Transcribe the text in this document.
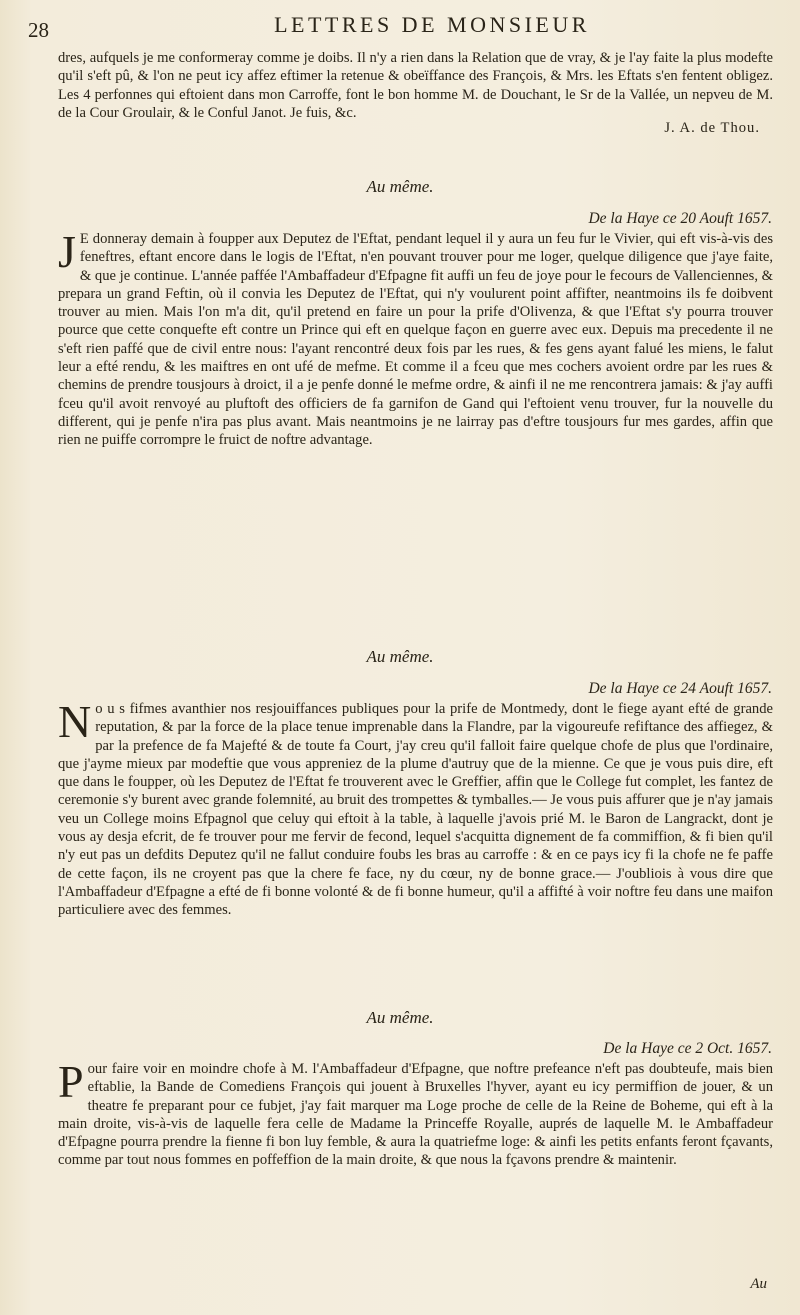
28	LETTRES DE MONSIEUR
dres, aufquels je me conformeray comme je doibs. Il n'y a rien dans la Relation que de vray, & je l'ay faite la plus modefte qu'il s'eft pû, & l'on ne peut icy affez eftimer la retenue & obeïffance des François, & Mrs. les Eftats s'en fentent obligez. Les 4 perfonnes qui eftoient dans mon Carroffe, font le bon homme M. de Douchant, le Sr de la Vallée, un nepveu de M. de la Cour Groulair, & le Conful Janot. Je fuis, &c.
J. A. de Thou.
Au même.
De la Haye ce 20 Aouft 1657.
J E donneray demain à foupper aux Deputez de l'Eftat, pendant lequel il y aura un feu fur le Vivier, qui eft vis-à-vis des feneftres, eftant encore dans le logis de l'Eftat, n'en pouvant trouver pour me loger, quelque diligence que j'aye faite, & que je continue. L'année paffée l'Ambaffadeur d'Efpagne fit auffi un feu de joye pour le fecours de Vallenciennes, & prepara un grand Feftin, où il convia les Deputez de l'Eftat, qui n'y voulurent point affifter, neantmoins ils fe doibvent trouver au mien. Mais l'on m'a dit, qu'il pretend en faire un pour la prife d'Olivenza, & que l'Eftat s'y pourra trouver pource que cette conquefte eft contre un Prince qui eft en quelque façon en guerre avec eux. Depuis ma precedente il ne s'eft rien paffé que de civil entre nous: l'ayant rencontré deux fois par les rues, & fes gens ayant falué les miens, le falut leur a efté rendu, & les maiftres en ont ufé de mefme. Et comme il a fceu que mes cochers avoient ordre par les rues & chemins de prendre tousjours à droict, il a je penfe donné le mefme ordre, & ainfi il ne me rencontrera jamais: & j'ay auffi fceu qu'il avoit renvoyé au pluftoft des officiers de fa garnifon de Gand qui l'eftoient venu trouver, fur la nouvelle du different, qui je penfe n'ira pas plus avant. Mais neantmoins je ne lairray pas d'eftre tousjours fur mes gardes, affin que rien ne puiffe corrompre le fruict de noftre advantage.
Au même.
De la Haye ce 24 Aouft 1657.
No u s fifmes avanthier nos resjouiffances publiques pour la prife de Montmedy, dont le fiege ayant efté de grande reputation, & par la force de la place tenue imprenable dans la Flandre, par la vigoureufe refiftance des affiegez, & par la prefence de fa Majefté & de toute fa Court, j'ay creu qu'il falloit faire quelque chofe de plus que l'ordinaire, que j'ayme mieux par modeftie que vous appreniez de la plume d'autruy que de la mienne. Ce que je vous puis dire, eft que dans le foupper, où les Deputez de l'Eftat fe trouverent avec le Greffier, affin que le College fut complet, les fantez de ceremonie s'y burent avec grande folemnité, au bruit des trompettes & tymballes.— Je vous puis affurer que je n'ay jamais veu un College moins Efpagnol que celuy qui eftoit à la table, à laquelle j'avois prié M. le Baron de Langrackt, dont je vous ay desja efcrit, de fe trouver pour me fervir de fecond, lequel s'acquitta dignement de fa commiffion, & fi bien qu'il n'y eut pas un defdits Deputez qu'il ne fallut conduire foubs les bras au carroffe : & en ce pays icy fi la chofe ne fe paffe de cette façon, ils ne croyent pas que la chere fe face, ny du cœur, ny de bonne grace.— J'oubliois à vous dire que l'Ambaffadeur d'Efpagne a efté de fi bonne volonté & de fi bonne humeur, qu'il a affifté à voir noftre feu dans une maifon particuliere avec des femmes.
Au même.
De la Haye ce 2 Oct. 1657.
Pour faire voir en moindre chofe à M. l'Ambaffadeur d'Efpagne, que noftre prefeance n'eft pas doubteufe, mais bien eftablie, la Bande de Comediens François qui jouent à Bruxelles l'hyver, ayant eu icy permiffion de jouer, & un theatre fe preparant pour ce fubjet, j'ay fait marquer ma Loge proche de celle de la Reine de Boheme, qui eft à la main droite, vis-à-vis de laquelle fera celle de Madame la Princeffe Royalle, auprés de laquelle M. le Ambaffadeur d'Efpagne pourra prendre la fienne fi bon luy femble, & aura la quatriefme loge: & ainfi les petits enfants feront fçavants, comme par tout nous fommes en poffeffion de la main droite, & que nous la fçavons prendre & maintenir.
Au
